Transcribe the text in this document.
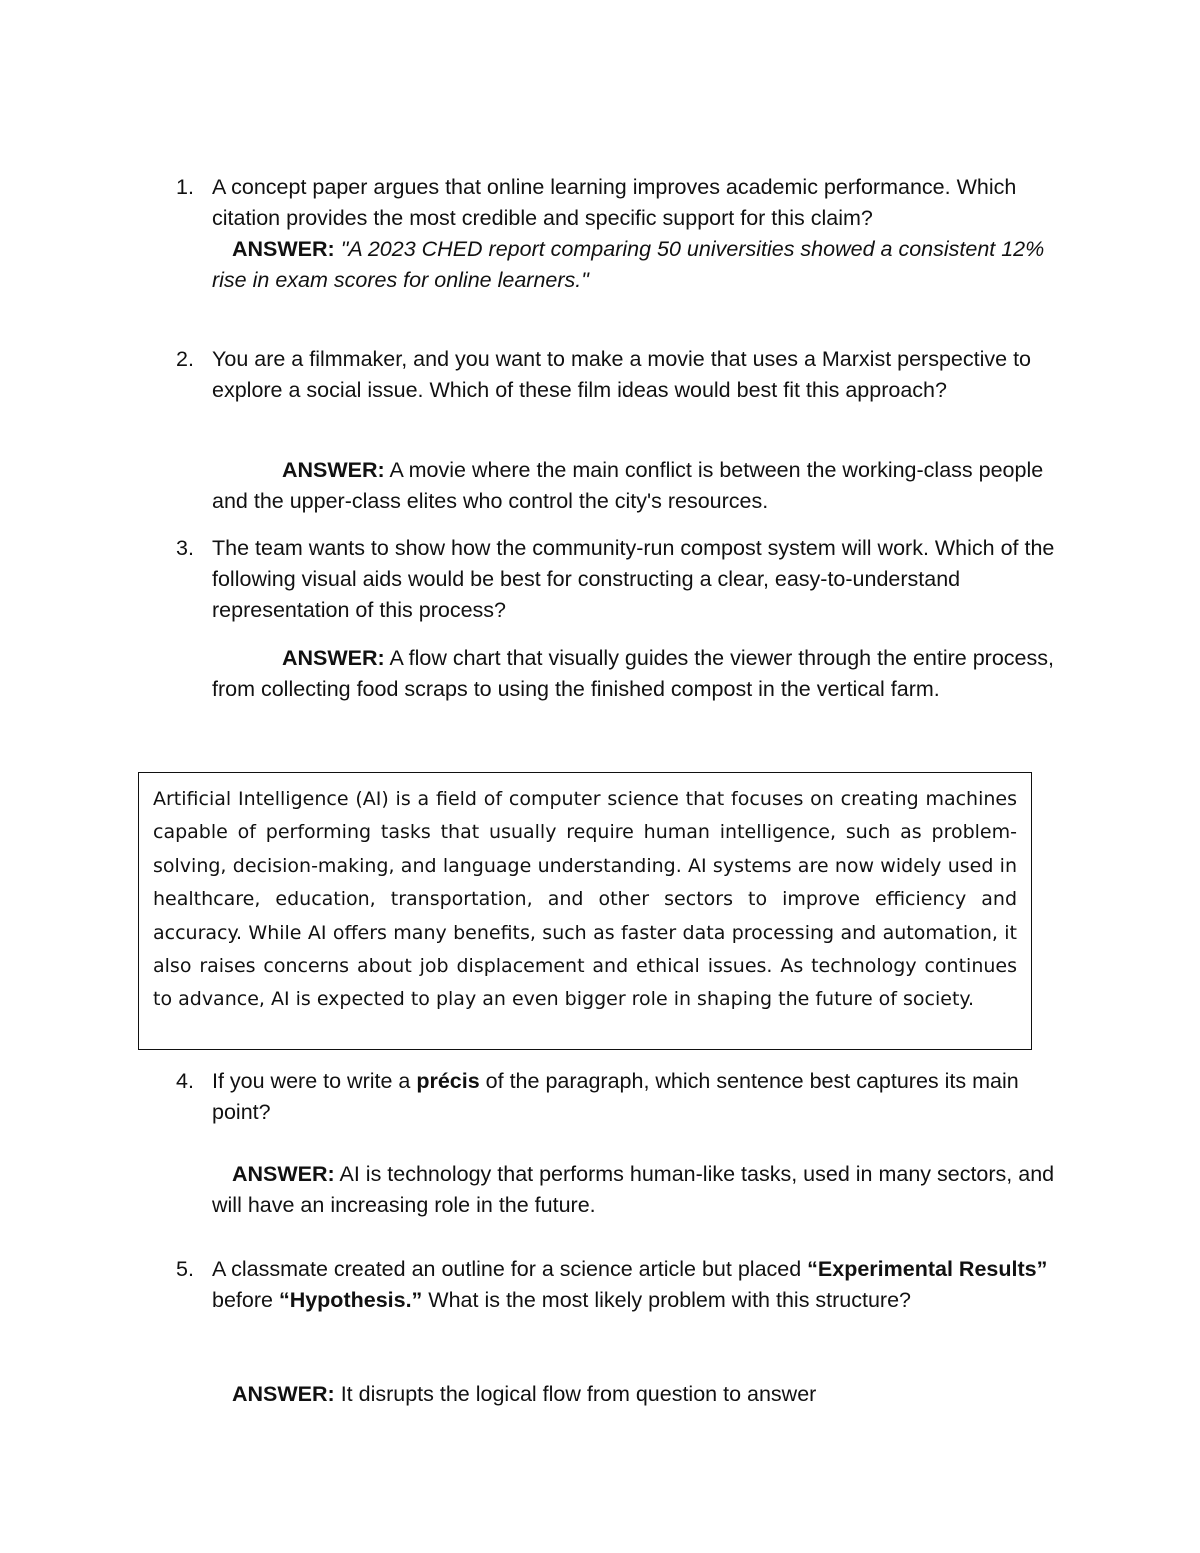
1. A concept paper argues that online learning improves academic performance. Which citation provides the most credible and specific support for this claim?

ANSWER: "A 2023 CHED report comparing 50 universities showed a consistent 12% rise in exam scores for online learners."

2. You are a filmmaker, and you want to make a movie that uses a Marxist perspective to explore a social issue. Which of these film ideas would best fit this approach?

ANSWER: A movie where the main conflict is between the working-class people and the upper-class elites who control the city's resources.

3. The team wants to show how the community-run compost system will work. Which of the following visual aids would be best for constructing a clear, easy-to-understand representation of this process?

ANSWER: A flow chart that visually guides the viewer through the entire process, from collecting food scraps to using the finished compost in the vertical farm.

Artificial Intelligence (AI) is a field of computer science that focuses on creating machines capable of performing tasks that usually require human intelligence, such as problem-solving, decision-making, and language understanding. AI systems are now widely used in healthcare, education, transportation, and other sectors to improve efficiency and accuracy. While AI offers many benefits, such as faster data processing and automation, it also raises concerns about job displacement and ethical issues. As technology continues to advance, AI is expected to play an even bigger role in shaping the future of society.

4. If you were to write a précis of the paragraph, which sentence best captures its main point?

ANSWER: AI is technology that performs human-like tasks, used in many sectors, and will have an increasing role in the future.

5. A classmate created an outline for a science article but placed “Experimental Results” before “Hypothesis.” What is the most likely problem with this structure?

ANSWER: It disrupts the logical flow from question to answer
